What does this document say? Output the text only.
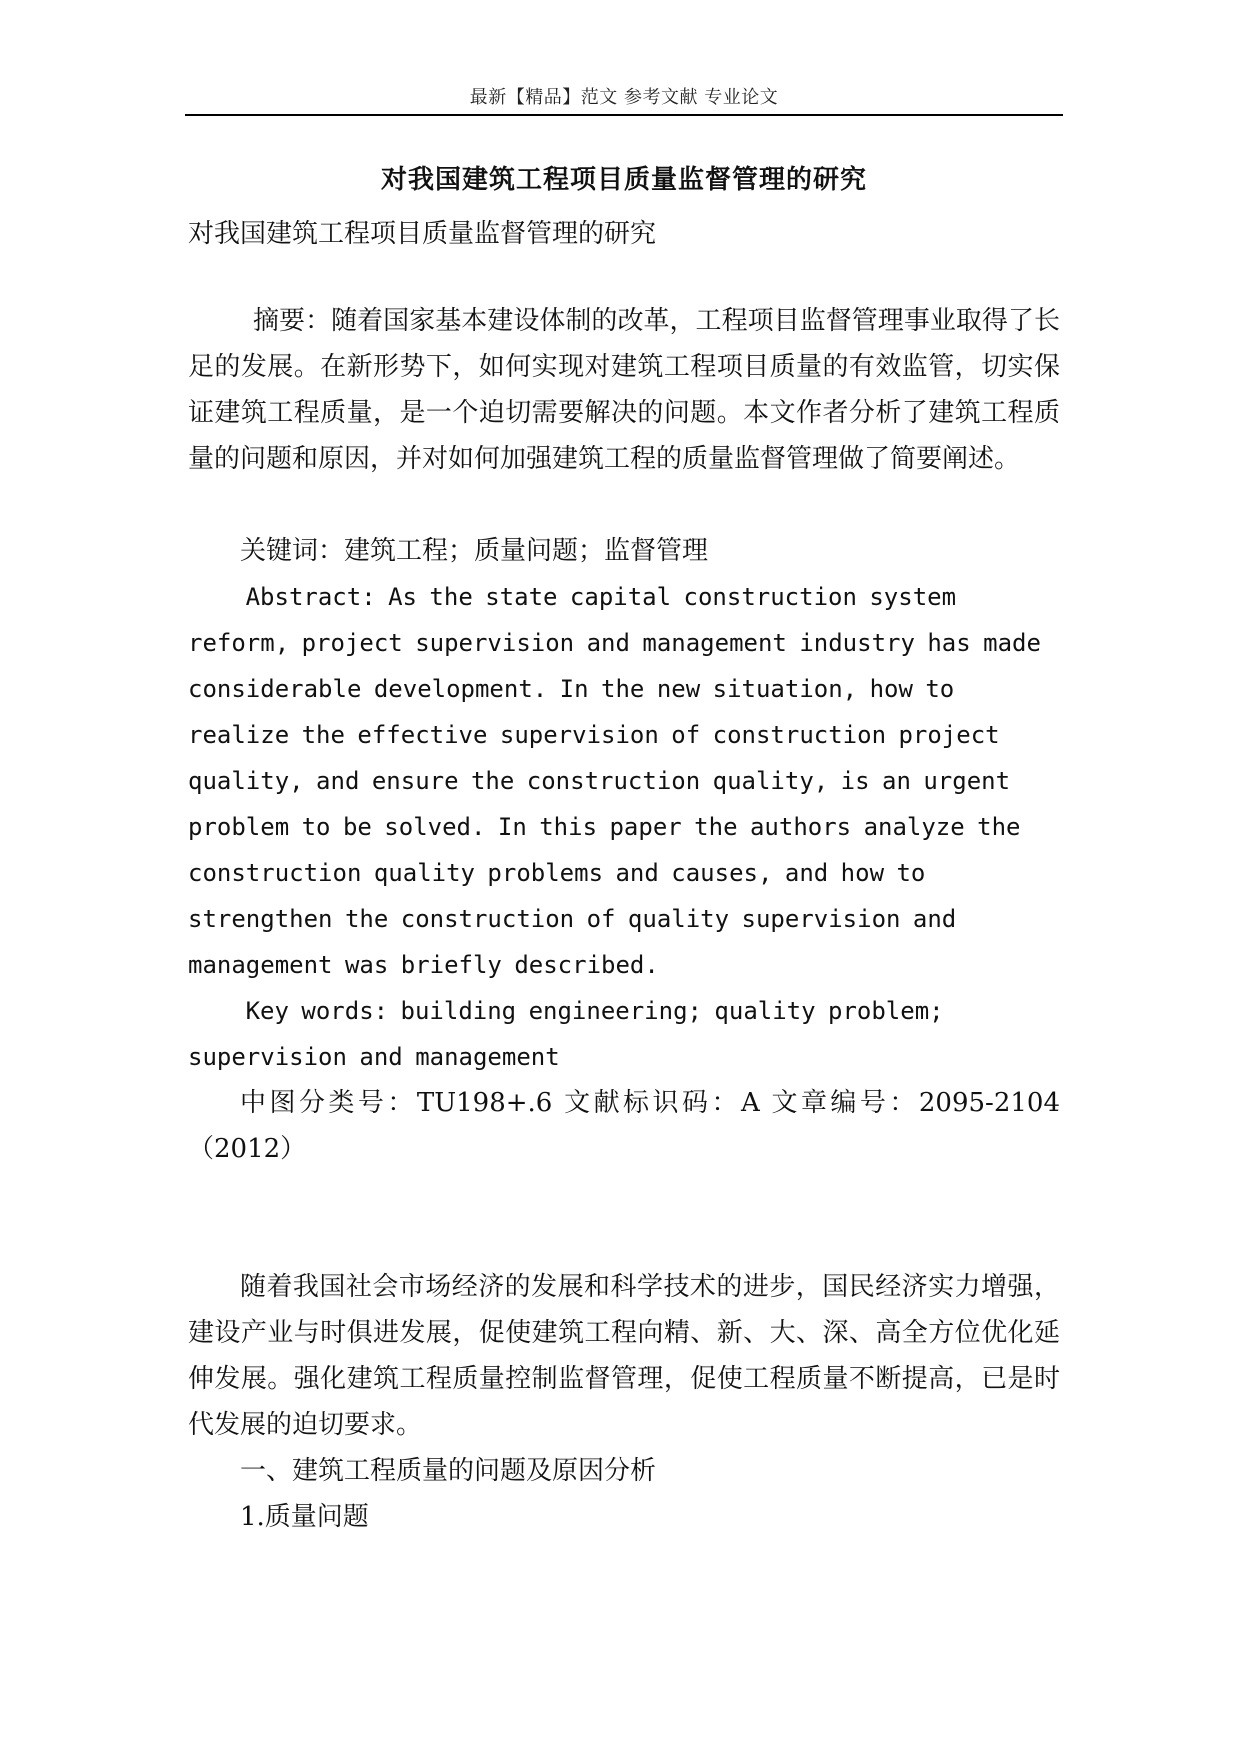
最新【精品】范文 参考文献 专业论文
对我国建筑工程项目质量监督管理的研究

对我国建筑工程项目质量监督管理的研究

摘要：随着国家基本建设体制的改革，工程项目监督管理事业取得了长足的发展。在新形势下，如何实现对建筑工程项目质量的有效监管，切实保证建筑工程质量，是一个迫切需要解决的问题。本文作者分析了建筑工程质量的问题和原因，并对如何加强建筑工程的质量监督管理做了简要阐述。

关键词：建筑工程；质量问题；监督管理

Abstract: As the state capital construction system reform, project supervision and management industry has made considerable development. In the new situation, how to realize the effective supervision of construction project quality, and ensure the construction quality, is an urgent problem to be solved. In this paper the authors analyze the construction quality problems and causes, and how to strengthen the construction of quality supervision and management was briefly described.

Key words: building engineering; quality problem; supervision and management

中图分类号：TU198+.6 文献标识码：A 文章编号：2095-2104（2012）

随着我国社会市场经济的发展和科学技术的进步，国民经济实力增强，建设产业与时俱进发展，促使建筑工程向精、新、大、深、高全方位优化延伸发展。强化建筑工程质量控制监督管理，促使工程质量不断提高，已是时代发展的迫切要求。

一、建筑工程质量的问题及原因分析

1.质量问题
